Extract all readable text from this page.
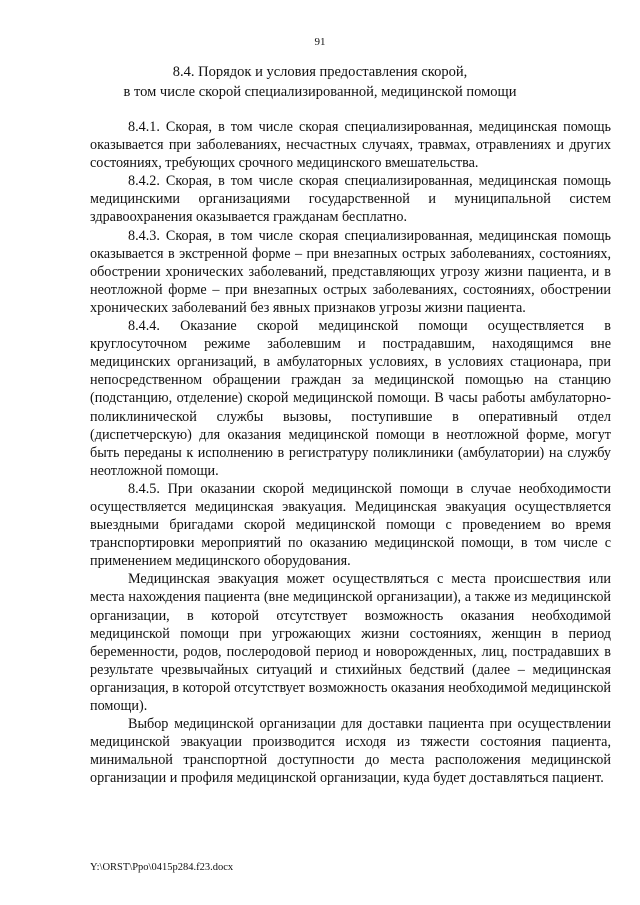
91
8.4. Порядок и условия предоставления скорой,
в том числе скорой специализированной, медицинской помощи

8.4.1. Скорая, в том числе скорая специализированная, медицинская помощь оказывается при заболеваниях, несчастных случаях, травмах, отравлениях и других состояниях, требующих срочного медицинского вмешательства.

8.4.2. Скорая, в том числе скорая специализированная, медицинская помощь медицинскими организациями государственной и муниципальной систем здравоохранения оказывается гражданам бесплатно.

8.4.3. Скорая, в том числе скорая специализированная, медицинская помощь оказывается в экстренной форме – при внезапных острых заболеваниях, состояниях, обострении хронических заболеваний, представляющих угрозу жизни пациента, и в неотложной форме – при внезапных острых заболеваниях, состояниях, обострении хронических заболеваний без явных признаков угрозы жизни пациента.

8.4.4. Оказание скорой медицинской помощи осуществляется в круглосуточном режиме заболевшим и пострадавшим, находящимся вне медицинских организаций, в амбулаторных условиях, в условиях стационара, при непосредственном обращении граждан за медицинской помощью на станцию (подстанцию, отделение) скорой медицинской помощи. В часы работы амбулаторно-поликлинической службы вызовы, поступившие в оперативный отдел (диспетчерскую) для оказания медицинской помощи в неотложной форме, могут быть переданы к исполнению в регистратуру поликлиники (амбулатории) на службу неотложной помощи.

8.4.5. При оказании скорой медицинской помощи в случае необходимости осуществляется медицинская эвакуация. Медицинская эвакуация осуществляется выездными бригадами скорой медицинской помощи с проведением во время транспортировки мероприятий по оказанию медицинской помощи, в том числе с применением медицинского оборудования.

Медицинская эвакуация может осуществляться с места происшествия или места нахождения пациента (вне медицинской организации), а также из медицинской организации, в которой отсутствует возможность оказания необходимой медицинской помощи при угрожающих жизни состояниях, женщин в период беременности, родов, послеродовой период и новорожденных, лиц, пострадавших в результате чрезвычайных ситуаций и стихийных бедствий (далее – медицинская организация, в которой отсутствует возможность оказания необходимой медицинской помощи).

Выбор медицинской организации для доставки пациента при осуществлении медицинской эвакуации производится исходя из тяжести состояния пациента, минимальной транспортной доступности до места расположения медицинской организации и профиля медицинской организации, куда будет доставляться пациент.

Y:\ORST\Ppo\0415p284.f23.docx
